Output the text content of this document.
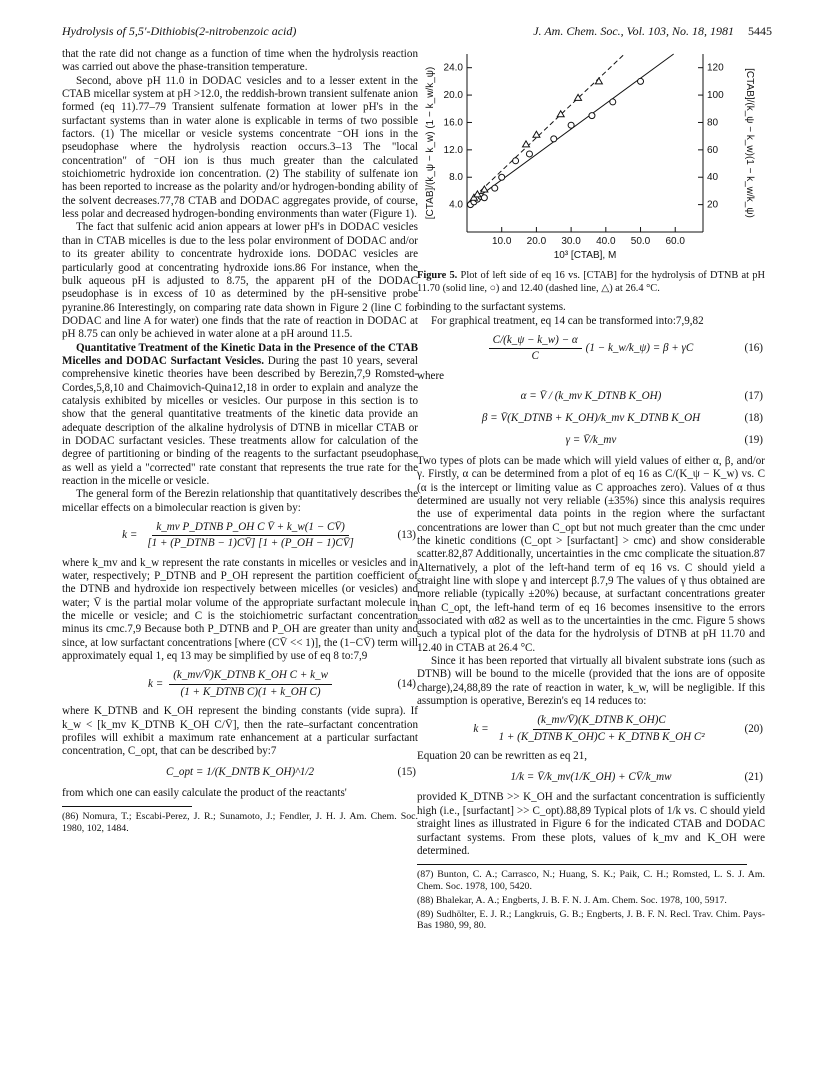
Hydrolysis of 5,5′-Dithiobis(2-nitrobenzoic acid)	J. Am. Chem. Soc., Vol. 103, No. 18, 1981 5445

that the rate did not change as a function of time when the hydrolysis reaction was carried out above the phase-transition temperature.

Second, above pH 11.0 in DODAC vesicles and to a lesser extent in the CTAB micellar system at pH >12.0, the reddish-brown transient sulfenate anion formed (eq 11).77–79 Transient sulfenate formation at lower pH's in the surfactant systems than in water alone is explicable in terms of two possible factors. (1) The micellar or vesicle systems concentrate ⁻OH ions in the pseudophase where the hydrolysis reaction occurs.3–13 The "local concentration" of ⁻OH ion is thus much greater than the calculated stoichiometric hydroxide ion concentration. (2) The stability of sulfenate ion has been reported to increase as the polarity and/or hydrogen-bonding ability of the solvent decreases.77,78 CTAB and DODAC aggregates provide, of course, less polar and decreased hydrogen-bonding environments than water (Figure 1).

The fact that sulfenic acid anion appears at lower pH's in DODAC vesicles than in CTAB micelles is due to the less polar environment of DODAC and/or to its greater ability to concentrate hydroxide ions. DODAC vesicles are particularly good at concentrating hydroxide ions.86 For instance, when the bulk aqueous pH is adjusted to 8.75, the apparent pH of the DODAC pseudophase is in excess of 10 as determined by the pH-sensitive probe pyranine.86 Interestingly, on comparing rate data shown in Figure 2 (line C for DODAC and line A for water) one finds that the rate of reaction in DODAC at pH 8.75 can only be achieved in water alone at a pH around 11.5.

Quantitative Treatment of the Kinetic Data in the Presence of the CTAB Micelles and DODAC Surfactant Vesicles. During the past 10 years, several comprehensive kinetic theories have been described by Berezin,7,9 Romsted-Cordes,5,8,10 and Chaimovich-Quina12,18 in order to explain and analyze the catalysis exhibited by micelles or vesicles. Our purpose in this section is to show that the general quantitative treatments of the kinetic data provide an adequate description of the alkaline hydrolysis of DTNB in micellar CTAB or in DODAC surfactant vesicles. These treatments allow for calculation of the degree of partitioning or binding of the reagents to the surfactant pseudophase as well as yield a "corrected" rate constant that represents the true rate for the reaction in the micelle or vesicle.

The general form of the Berezin relationship that quantitatively describes the micellar effects on a bimolecular reaction is given by:

$k = \frac{\text{k\_mv P\_DTNB P\_OH C V̄ + k\_w(1 − CV̄)}}{\text{[1 + (P\_DTNB − 1)CV̄] [1 + (P\_OH − 1)CV̄]}}$	(13)

where k_mv and k_w represent the rate constants in micelles or vesicles and in water, respectively; P_DTNB and P_OH represent the partition coefficient of the DTNB and hydroxide ion respectively between micelles (or vesicles) and water; V̄ is the partial molar volume of the appropriate surfactant molecule in the micelle or vesicle; and C is the stoichiometric surfactant concentration minus its cmc.7,9 Because both P_DTNB and P_OH are greater than unity and since, at low surfactant concentrations [where (CV̄ << 1)], the (1−CV̄) term will approximately equal 1, eq 13 may be simplified by use of eq 8 to:7,9

$k = \frac{\text{(k\_mv/V̄)K\_DTNB K\_OH C + k\_w}}{\text{(1 + K\_DTNB C)(1 + k\_OH C)}}$	(14)

where K_DTNB and K_OH represent the binding constants (vide supra). If k_w < [k_mv K_DTNB K_OH C/V̄], then the rate–surfactant concentration profiles will exhibit a maximum rate enhancement at a particular surfactant concentration, C_opt, that can be described by:7

C_opt = 1/(K_DNTB K_OH)^1/2	(15)

from which one can easily calculate the product of the reactants'

(86) Nomura, T.; Escabi-Perez, J. R.; Sunamoto, J.; Fendler, J. H. J. Am. Chem. Soc. 1980, 102, 1484.
10.0 20.0 30.0 40.0 50.0 60.0
10³ [CTAB], M
4.0
8.0
12.0
16.0
20.0
24.0
20
40
60
80
100
120
[CTAB]/(k_ψ − k_w) (1 − k_w/k_ψ)	[CTAB]/(k_ψ − k_w)(1 − k_w/k_ψ)
Figure 5. Plot of left side of eq 16 vs. [CTAB] for the hydrolysis of DTNB at pH 11.70 (solid line, ○) and 12.40 (dashed line, △) at 26.4 °C.

binding to the surfactant systems.

For graphical treatment, eq 14 can be transformed into:7,9,82

$\frac{C/(k\_\psi - k\_w) - \alpha}{C} (1$ − k_w/k_ψ) = β + γC	(16)

where

α = V̄ / (k_mv K_DTNB K_OH)	(17)
β = V̄(K_DTNB + K_OH)/k_mv K_DTNB K_OH	(18)
γ = V̄/k_mv	(19)

Two types of plots can be made which will yield values of either α, β, and/or γ. Firstly, α can be determined from a plot of eq 16 as C/(K_ψ − K_w) vs. C (α is the intercept or limiting value as C approaches zero). Values of α thus determined are usually not very reliable (±35%) since this analysis requires the use of experimental data points in the region where the surfactant concentrations are lower than C_opt but not much greater than the cmc under the kinetic conditions (C_opt > [surfactant] > cmc) and show considerable scatter.82,87 Additionally, uncertainties in the cmc complicate the situation.87 Alternatively, a plot of the left-hand term of eq 16 vs. C should yield a straight line with slope γ and intercept β.7,9 The values of γ thus obtained are more reliable (typically ±20%) because, at surfactant concentrations greater than C_opt, the left-hand term of eq 16 becomes insensitive to the errors associated with α82 as well as to the uncertainties in the cmc. Figure 5 shows such a typical plot of the data for the hydrolysis of DTNB at pH 11.70 and 12.40 in CTAB at 26.4 °C.

Since it has been reported that virtually all bivalent substrate ions (such as DTNB) will be bound to the micelle (provided that the ions are of opposite charge),24,88,89 the rate of reaction in water, k_w, will be negligible. If this assumption is operative, Berezin's eq 14 reduces to:

$k = \frac{\text{(k\_mv/V̄)(K\_DTNB K\_OH)C}}{\text{1 + (K\_DTNB K\_OH)C + K\_DTNB K\_OH C²}}$	(20)

Equation 20 can be rewritten as eq 21,

1/k = V̄/k_mv(1/K_OH) + CV̄/k_mw	(21)

provided K_DTNB >> K_OH and the surfactant concentration is sufficiently high (i.e., [surfactant] >> C_opt).88,89 Typical plots of 1/k vs. C should yield straight lines as illustrated in Figure 6 for the indicated CTAB and DODAC surfactant systems. From these plots, values of k_mv and K_OH were determined.

(87) Bunton, C. A.; Carrasco, N.; Huang, S. K.; Paik, C. H.; Romsted, L. S. J. Am. Chem. Soc. 1978, 100, 5420.
(88) Bhalekar, A. A.; Engberts, J. B. F. N. J. Am. Chem. Soc. 1978, 100, 5917.
(89) Sudhölter, E. J. R.; Langkruis, G. B.; Engberts, J. B. F. N. Recl. Trav. Chim. Pays-Bas 1980, 99, 80.
